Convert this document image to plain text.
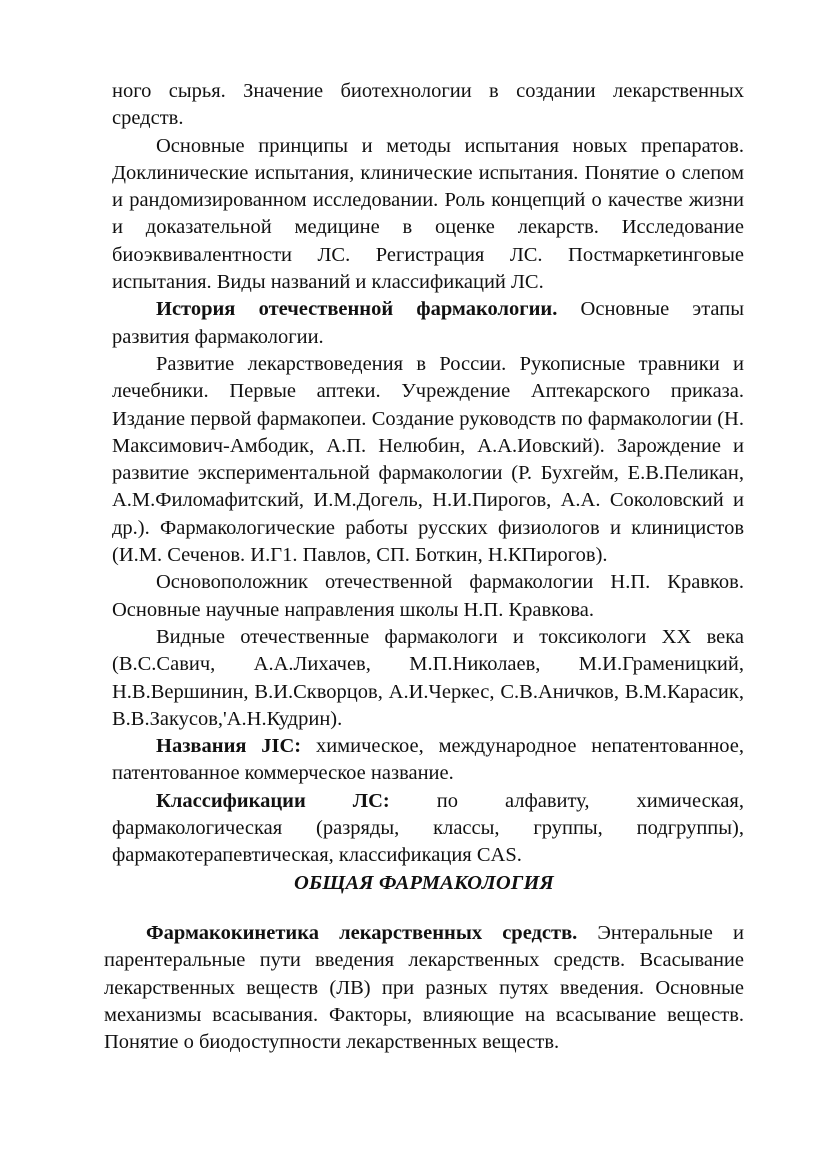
ного сырья. Значение биотехнологии в создании лекарственных средств.

Основные принципы и методы испытания новых препаратов. Доклинические испытания, клинические испытания. Понятие о слепом и рандомизированном исследовании. Роль концепций о качестве жизни и доказательной медицине в оценке лекарств. Исследование биоэквивалентности ЛС. Регистрация ЛС. Постмаркетинговые испытания. Виды названий и классификаций ЛС.

История отечественной фармакологии. Основные этапы развития фармакологии.

Развитие лекарствоведения в России. Рукописные травники и лечебники. Первые аптеки. Учреждение Аптекарского приказа. Издание первой фармакопеи. Создание руководств по фармакологии (Н. Максимович-Амбодик, А.П. Нелюбин, А.А.Иовский). Зарождение и развитие экспериментальной фармакологии (Р. Бухгейм, Е.В.Пеликан, А.М.Филомафитский, И.М.Догель, Н.И.Пирогов, А.А. Соколовский и др.). Фармакологические работы русских физиологов и клиницистов (И.М. Сеченов. И.Г1. Павлов, СП. Боткин, Н.КПирогов).

Основоположник отечественной фармакологии Н.П. Кравков. Основные научные направления школы Н.П. Кравкова.

Видные отечественные фармакологи и токсикологи XX века (В.С.Савич, А.А.Лихачев, М.П.Николаев, М.И.Граменицкий, Н.В.Вершинин, В.И.Скворцов, А.И.Черкес, С.В.Аничков, В.М.Карасик, В.В.Закусов,'А.Н.Кудрин).

Названия JIC: химическое, международное непатентованное, патентованное коммерческое название.

Классификации ЛС: по алфавиту, химическая, фармакологическая (разряды, классы, группы, подгруппы), фармакотерапевтическая, классификация CAS.

ОБЩАЯ ФАРМАКОЛОГИЯ

Фармакокинетика лекарственных средств. Энтеральные и парентеральные пути введения лекарственных средств. Всасывание лекарственных веществ (ЛВ) при разных путях введения. Основные механизмы всасывания. Факторы, влияющие на всасывание веществ. Понятие о биодоступности лекарственных веществ.
